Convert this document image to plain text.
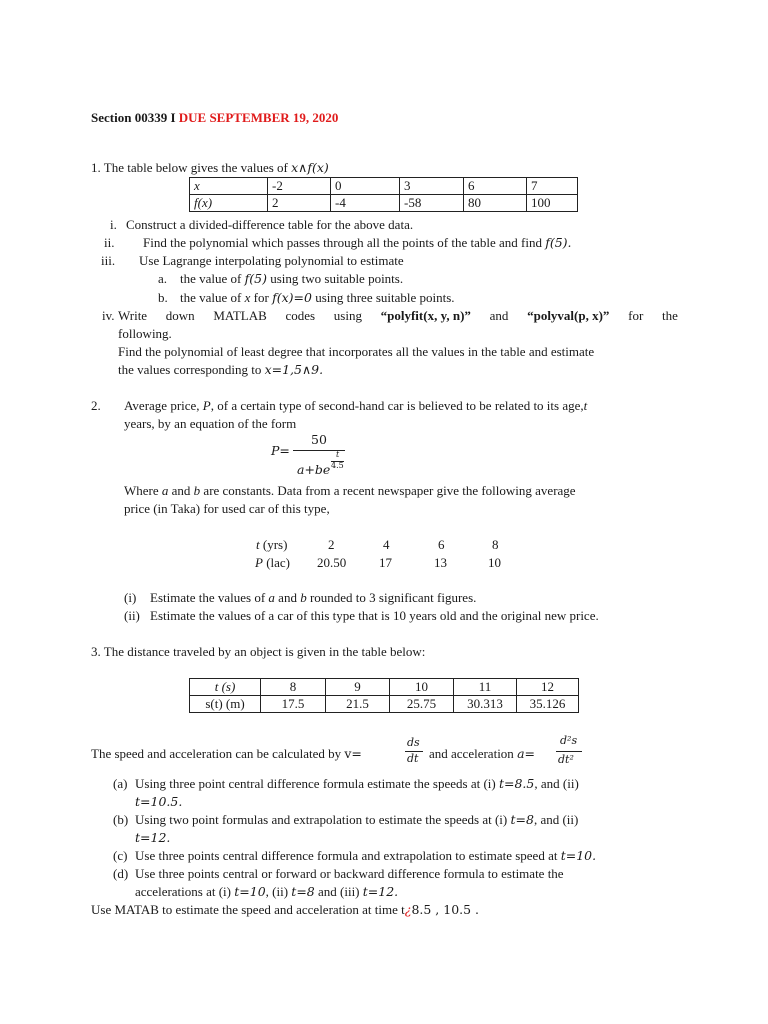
Section 00339 I DUE SEPTEMBER 19, 2020
1. The table below gives the values of x∧f(x)
x	-2	0	3	6	7
f(x)	2	-4	-58	80	100
i. Construct a divided-difference table for the above data.
ii. Find the polynomial which passes through all the points of the table and find f(5).
iii. Use Lagrange interpolating polynomial to estimate
a. the value of f(5) using two suitable points.
b. the value of x for f(x)=0 using three suitable points.
iv. Write down MATLAB codes using “polyfit(x, y, n)” and “polyval(p, x)” for the
following.
Find the polynomial of least degree that incorporates all the values in the table and estimate
the values corresponding to x=1,5∧9.
2. Average price, P, of a certain type of second-hand car is believed to be related to its age,t
years, by an equation of the form
P=
50
a+be
t
4.5
Where a and b are constants. Data from a recent newspaper give the following average
price (in Taka) for used car of this type,
t (yrs)	2	4	6	8
P (lac) 20.50	17	13	10
(i) Estimate the values of a and b rounded to 3 significant figures.
(ii) Estimate the values of a car of this type that is 10 years old and the original new price.
3. The distance traveled by an object is given in the table below:
t (s)	8	9	10	11	12
s(t) (m)	17.5	21.5	25.75	30.313	35.126
The speed and acceleration can be calculated by v=
ds
dt and acceleration a=
d²s
dt²
(a) Using three point central difference formula estimate the speeds at (i) t=8.5, and (ii)
t=10.5.
(b) Using two point formulas and extrapolation to estimate the speeds at (i) t=8, and (ii)
t=12.
(c) Use three points central difference formula and extrapolation to estimate speed at t=10.
(d) Use three points central or forward or backward difference formula to estimate the
accelerations at (i) t=10, (ii) t=8 and (iii) t=12.
Use MATAB to estimate the speed and acceleration at time t¿8.5 , 10.5 .
